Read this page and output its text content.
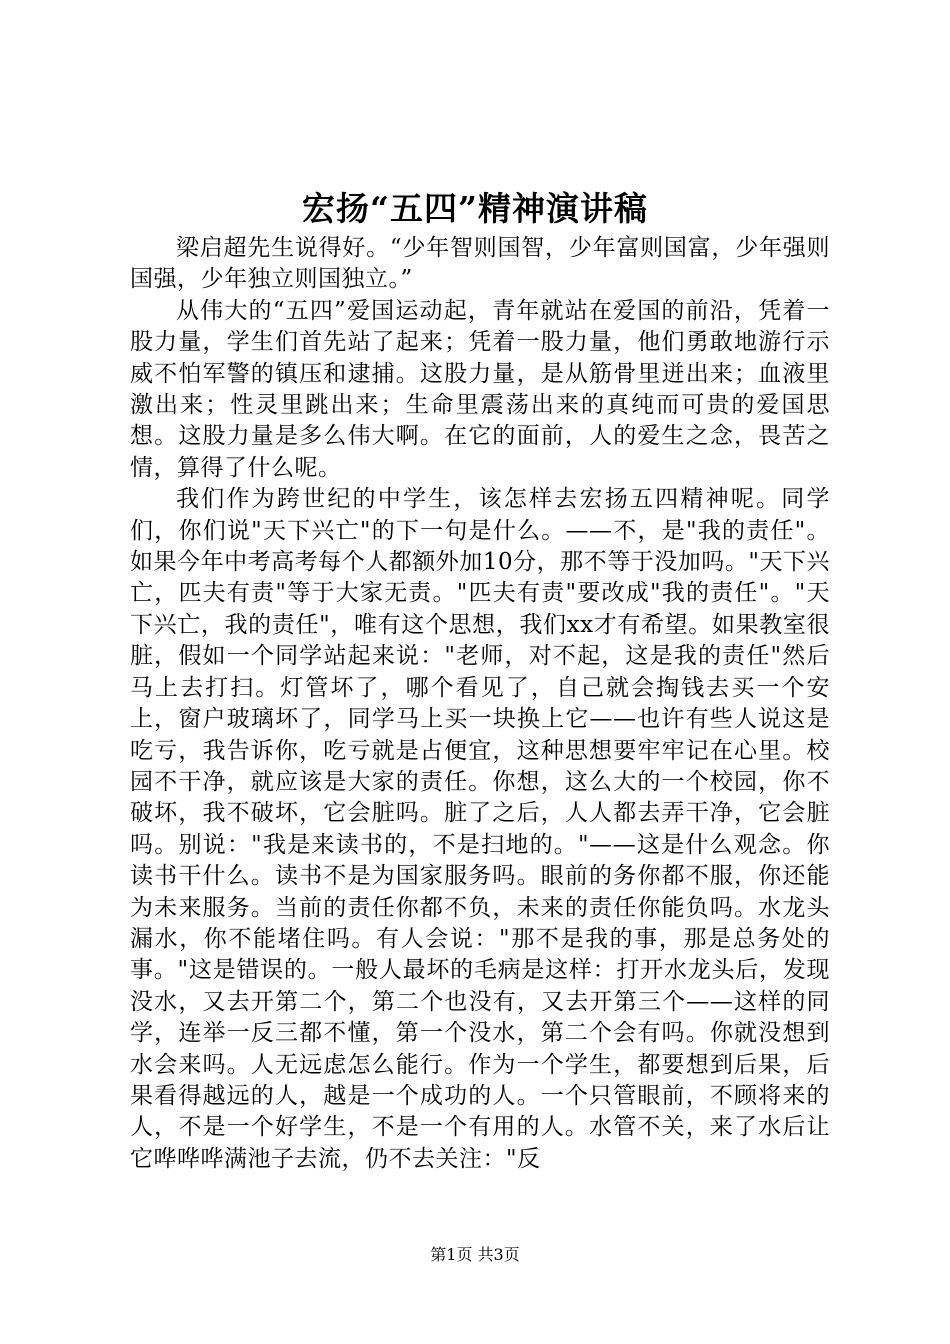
宏扬“五四”精神演讲稿

梁启超先生说得好。“少年智则国智，少年富则国富，少年强则国强，少年独立则国独立。”

从伟大的“五四”爱国运动起，青年就站在爱国的前沿，凭着一股力量，学生们首先站了起来；凭着一股力量，他们勇敢地游行示威不怕军警的镇压和逮捕。这股力量，是从筋骨里迸出来；血液里激出来；性灵里跳出来；生命里震荡出来的真纯而可贵的爱国思想。这股力量是多么伟大啊。在它的面前，人的爱生之念，畏苦之情，算得了什么呢。

我们作为跨世纪的中学生，该怎样去宏扬五四精神呢。同学们，你们说"天下兴亡"的下一句是什么。——不，是"我的责任"。如果今年中考高考每个人都额外加10分，那不等于没加吗。"天下兴亡，匹夫有责"等于大家无责。"匹夫有责"要改成"我的责任"。"天下兴亡，我的责任"，唯有这个思想，我们xx才有希望。如果教室很脏，假如一个同学站起来说："老师，对不起，这是我的责任"然后马上去打扫。灯管坏了，哪个看见了，自己就会掏钱去买一个安上，窗户玻璃坏了，同学马上买一块换上它——也许有些人说这是吃亏，我告诉你，吃亏就是占便宜，这种思想要牢牢记在心里。校园不干净，就应该是大家的责任。你想，这么大的一个校园，你不破坏，我不破坏，它会脏吗。脏了之后，人人都去弄干净，它会脏吗。别说："我是来读书的，不是扫地的。"——这是什么观念。你读书干什么。读书不是为国家服务吗。眼前的务你都不服，你还能为未来服务。当前的责任你都不负，未来的责任你能负吗。水龙头漏水，你不能堵住吗。有人会说："那不是我的事，那是总务处的事。"这是错误的。一般人最坏的毛病是这样：打开水龙头后，发现没水，又去开第二个，第二个也没有，又去开第三个——这样的同学，连举一反三都不懂，第一个没水，第二个会有吗。你就没想到水会来吗。人无远虑怎么能行。作为一个学生，都要想到后果，后果看得越远的人，越是一个成功的人。一个只管眼前，不顾将来的人，不是一个好学生，不是一个有用的人。水管不关，来了水后让它哗哗哗满池子去流，仍不去关注："反

第1页 共3页
